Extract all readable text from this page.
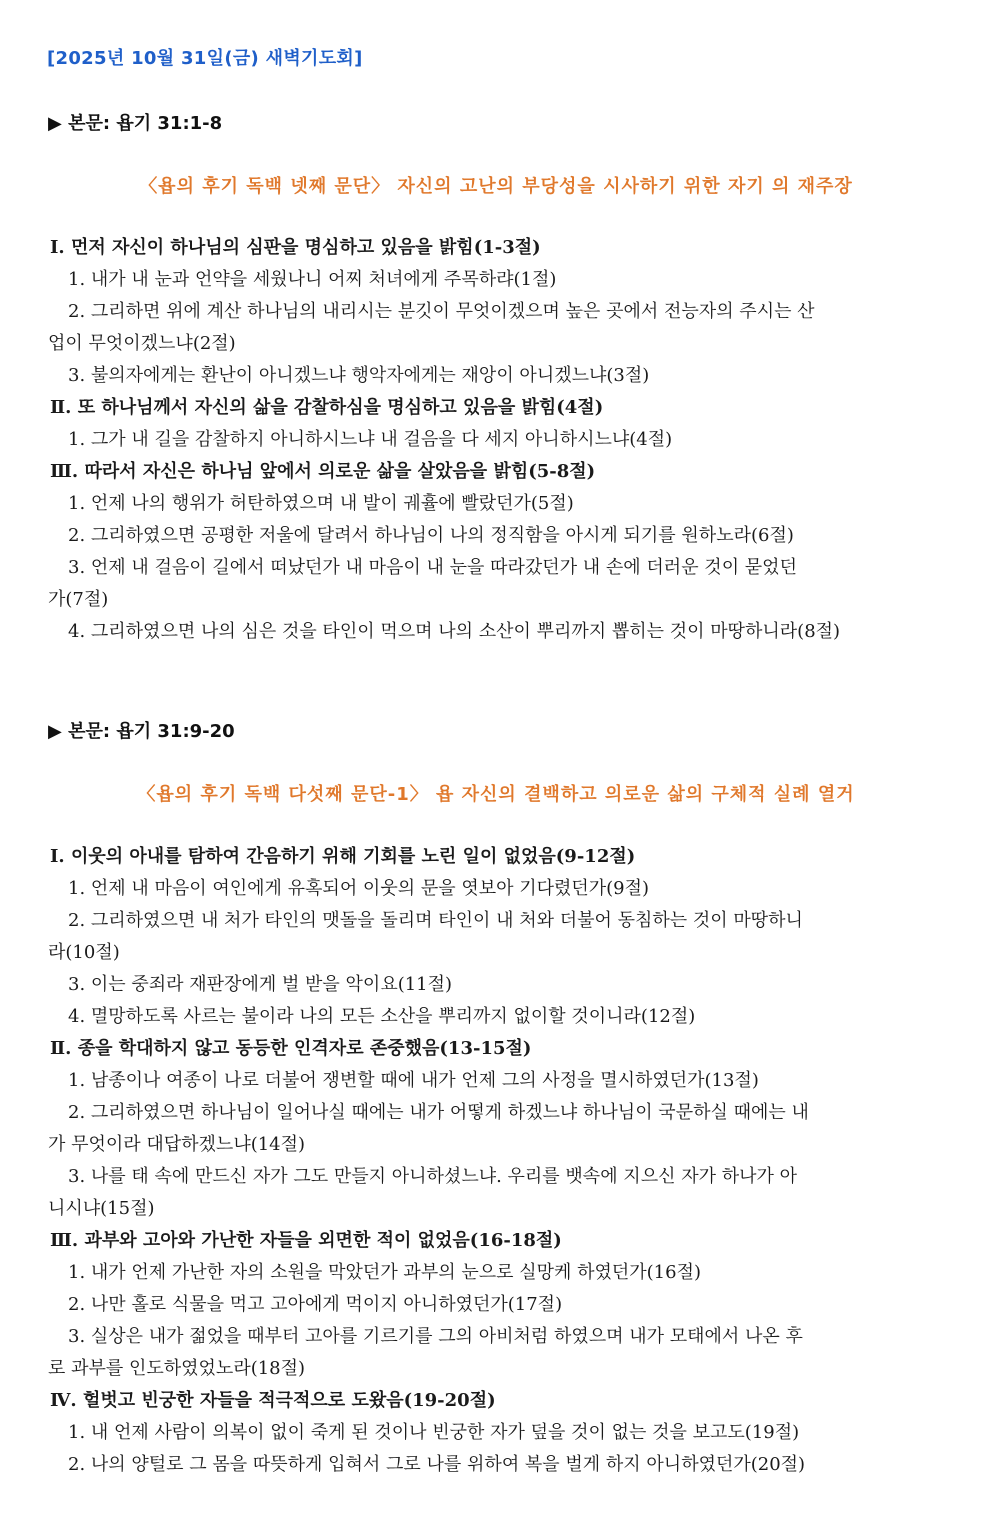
[2025년 10월 31일(금) 새벽기도회]
▶ 본문: 욥기 31:1-8
〈욥의 후기 독백 넷째 문단〉 자신의 고난의 부당성을 시사하기 위한 자기 의 재주장
Ⅰ. 먼저 자신이 하나님의 심판을 명심하고 있음을 밝힘(1-3절)
1. 내가 내 눈과 언약을 세웠나니 어찌 처녀에게 주목하랴(1절)
2. 그리하면 위에 계산 하나님의 내리시는 분깃이 무엇이겠으며 높은 곳에서 전능자의 주시는 산
업이 무엇이겠느냐(2절)
3. 불의자에게는 환난이 아니겠느냐 행악자에게는 재앙이 아니겠느냐(3절)
Ⅱ. 또 하나님께서 자신의 삶을 감찰하심을 명심하고 있음을 밝힘(4절)
1. 그가 내 길을 감찰하지 아니하시느냐 내 걸음을 다 세지 아니하시느냐(4절)
Ⅲ. 따라서 자신은 하나님 앞에서 의로운 삶을 살았음을 밝힘(5-8절)
1. 언제 나의 행위가 허탄하였으며 내 발이 궤휼에 빨랐던가(5절)
2. 그리하였으면 공평한 저울에 달려서 하나님이 나의 정직함을 아시게 되기를 원하노라(6절)
3. 언제 내 걸음이 길에서 떠났던가 내 마음이 내 눈을 따라갔던가 내 손에 더러운 것이 묻었던
가(7절)
4. 그리하였으면 나의 심은 것을 타인이 먹으며 나의 소산이 뿌리까지 뽑히는 것이 마땅하니라(8절)
▶ 본문: 욥기 31:9-20
〈욥의 후기 독백 다섯째 문단-1〉 욥 자신의 결백하고 의로운 삶의 구체적 실례 열거
Ⅰ. 이웃의 아내를 탐하여 간음하기 위해 기회를 노린 일이 없었음(9-12절)
1. 언제 내 마음이 여인에게 유혹되어 이웃의 문을 엿보아 기다렸던가(9절)
2. 그리하였으면 내 처가 타인의 맷돌을 돌리며 타인이 내 처와 더불어 동침하는 것이 마땅하니
라(10절)
3. 이는 중죄라 재판장에게 벌 받을 악이요(11절)
4. 멸망하도록 사르는 불이라 나의 모든 소산을 뿌리까지 없이할 것이니라(12절)
Ⅱ. 종을 학대하지 않고 동등한 인격자로 존중했음(13-15절)
1. 남종이나 여종이 나로 더불어 쟁변할 때에 내가 언제 그의 사정을 멸시하였던가(13절)
2. 그리하였으면 하나님이 일어나실 때에는 내가 어떻게 하겠느냐 하나님이 국문하실 때에는 내
가 무엇이라 대답하겠느냐(14절)
3. 나를 태 속에 만드신 자가 그도 만들지 아니하셨느냐. 우리를 뱃속에 지으신 자가 하나가 아
니시냐(15절)
Ⅲ. 과부와 고아와 가난한 자들을 외면한 적이 없었음(16-18절)
1. 내가 언제 가난한 자의 소원을 막았던가 과부의 눈으로 실망케 하였던가(16절)
2. 나만 홀로 식물을 먹고 고아에게 먹이지 아니하였던가(17절)
3. 실상은 내가 젊었을 때부터 고아를 기르기를 그의 아비처럼 하였으며 내가 모태에서 나온 후
로 과부를 인도하였었노라(18절)
Ⅳ. 헐벗고 빈궁한 자들을 적극적으로 도왔음(19-20절)
1. 내 언제 사람이 의복이 없이 죽게 된 것이나 빈궁한 자가 덮을 것이 없는 것을 보고도(19절)
2. 나의 양털로 그 몸을 따뜻하게 입혀서 그로 나를 위하여 복을 벌게 하지 아니하였던가(20절)
